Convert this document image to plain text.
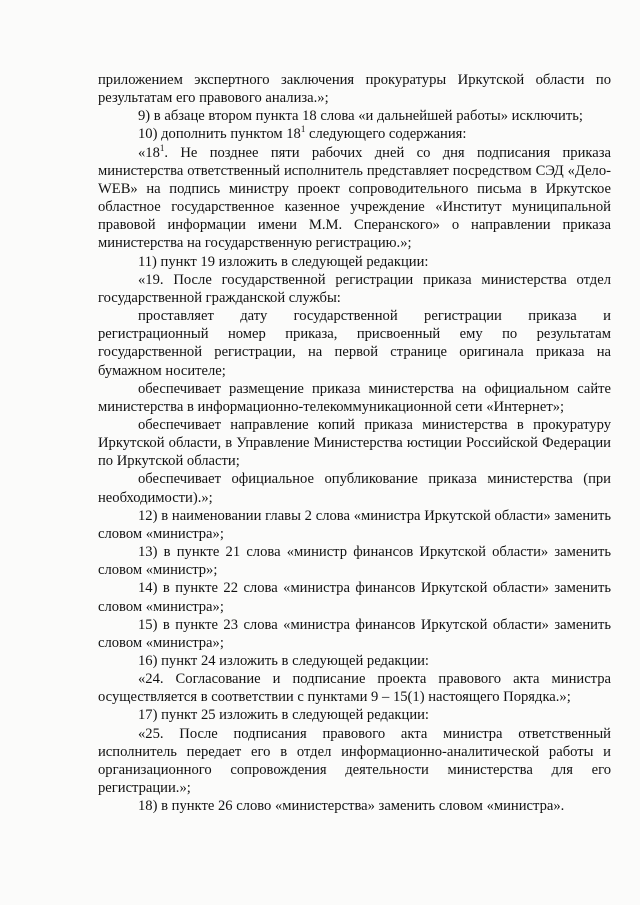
приложением экспертного заключения прокуратуры Иркутской области по результатам его правового анализа.»;

9) в абзаце втором пункта 18 слова «и дальнейшей работы» исключить;

10) дополнить пунктом $18^1$ следующего содержания:

«$18^1$. Не позднее пяти рабочих дней со дня подписания приказа министерства ответственный исполнитель представляет посредством СЭД «Дело-WEB» на подпись министру проект сопроводительного письма в Иркутское областное государственное казенное учреждение «Институт муниципальной правовой информации имени М.М. Сперанского» о направлении приказа министерства на государственную регистрацию.»;

11) пункт 19 изложить в следующей редакции:

«19. После государственной регистрации приказа министерства отдел государственной гражданской службы:

проставляет дату государственной регистрации приказа и регистрационный номер приказа, присвоенный ему по результатам государственной регистрации, на первой странице оригинала приказа на бумажном носителе;

обеспечивает размещение приказа министерства на официальном сайте министерства в информационно-телекоммуникационной сети «Интернет»;

обеспечивает направление копий приказа министерства в прокуратуру Иркутской области, в Управление Министерства юстиции Российской Федерации по Иркутской области;

обеспечивает официальное опубликование приказа министерства (при необходимости).»;

12) в наименовании главы 2 слова «министра Иркутской области» заменить словом «министра»;

13) в пункте 21 слова «министр финансов Иркутской области» заменить словом «министр»;

14) в пункте 22 слова «министра финансов Иркутской области» заменить словом «министра»;

15) в пункте 23 слова «министра финансов Иркутской области» заменить словом «министра»;

16) пункт 24 изложить в следующей редакции:

«24. Согласование и подписание проекта правового акта министра осуществляется в соответствии с пунктами 9 – 15(1) настоящего Порядка.»;

17) пункт 25 изложить в следующей редакции:

«25. После подписания правового акта министра ответственный исполнитель передает его в отдел информационно-аналитической работы и организационного сопровождения деятельности министерства для его регистрации.»;

18) в пункте 26 слово «министерства» заменить словом «министра».
